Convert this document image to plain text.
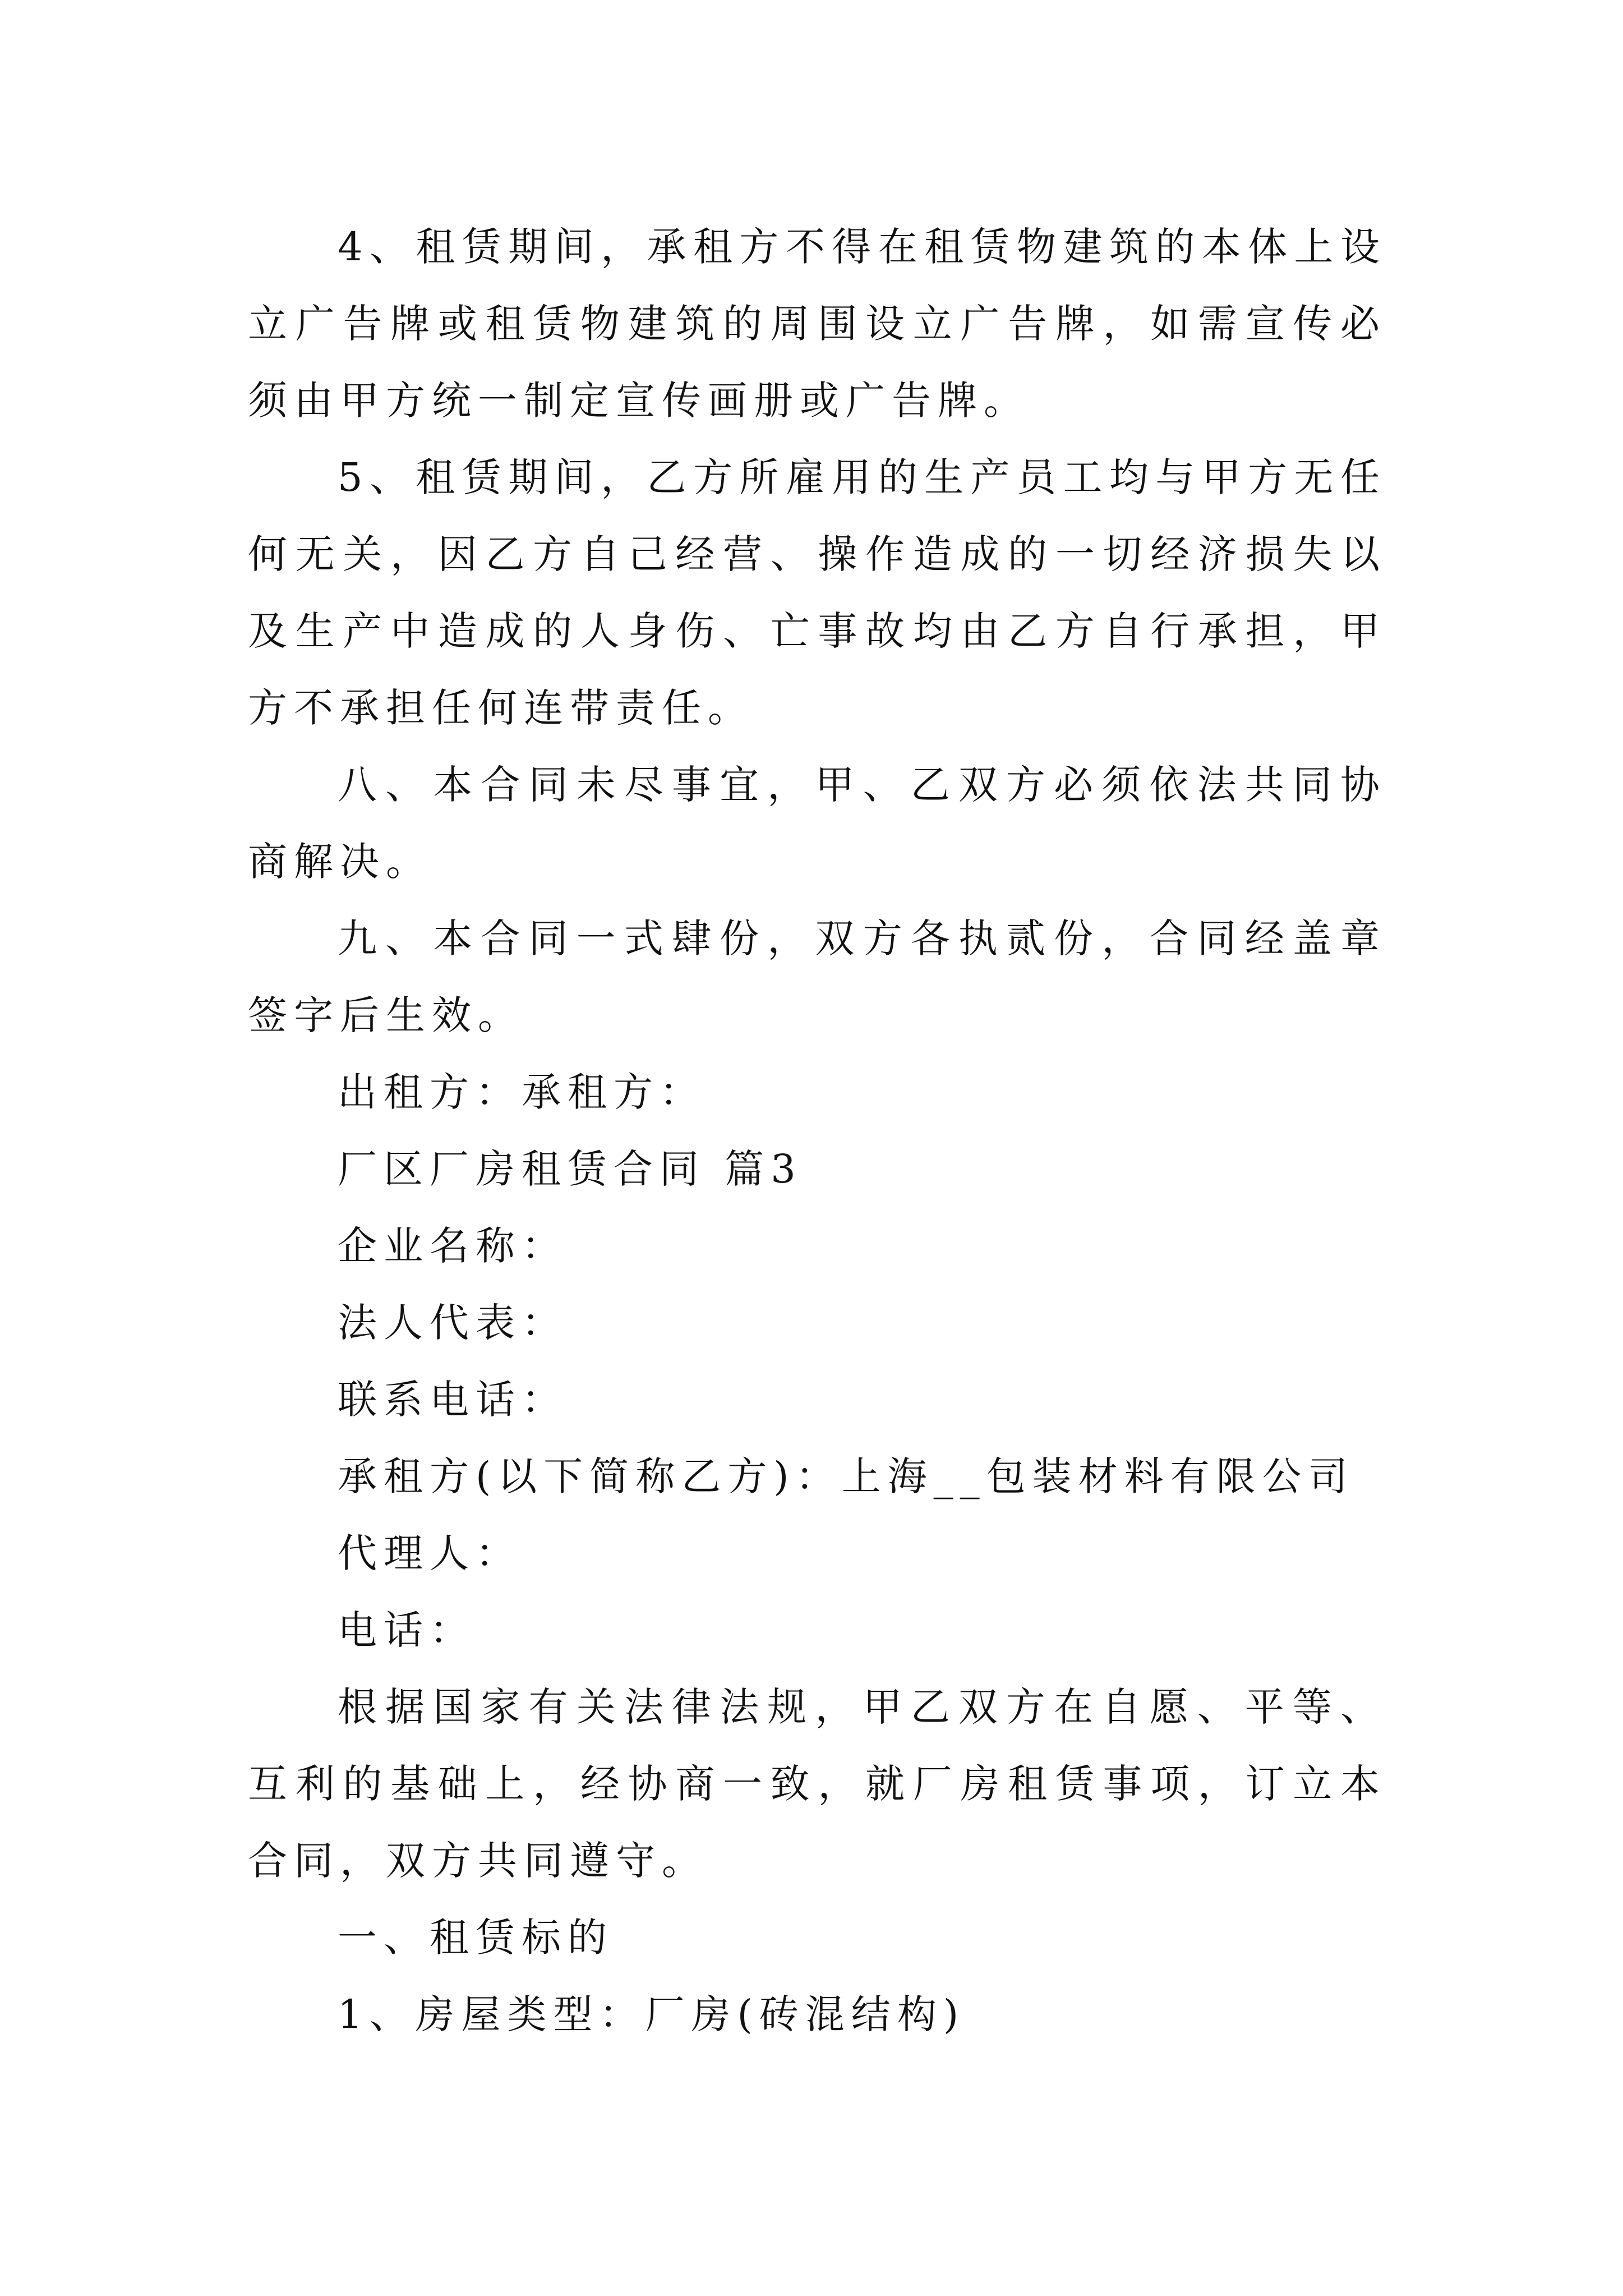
4、租赁期间，承租方不得在租赁物建筑的本体上设立广告牌或租赁物建筑的周围设立广告牌，如需宣传必须由甲方统一制定宣传画册或广告牌。

5、租赁期间，乙方所雇用的生产员工均与甲方无任何无关，因乙方自己经营、操作造成的一切经济损失以及生产中造成的人身伤、亡事故均由乙方自行承担，甲方不承担任何连带责任。

八、本合同未尽事宜，甲、乙双方必须依法共同协商解决。

九、本合同一式肆份，双方各执贰份，合同经盖章签字后生效。

出租方：承租方：

厂区厂房租赁合同 篇3

企业名称：

法人代表：

联系电话：

承租方(以下简称乙方)：上海__包装材料有限公司

代理人：

电话：

根据国家有关法律法规，甲乙双方在自愿、平等、互利的基础上，经协商一致，就厂房租赁事项，订立本合同，双方共同遵守。

一、租赁标的

1、房屋类型：厂房(砖混结构)
